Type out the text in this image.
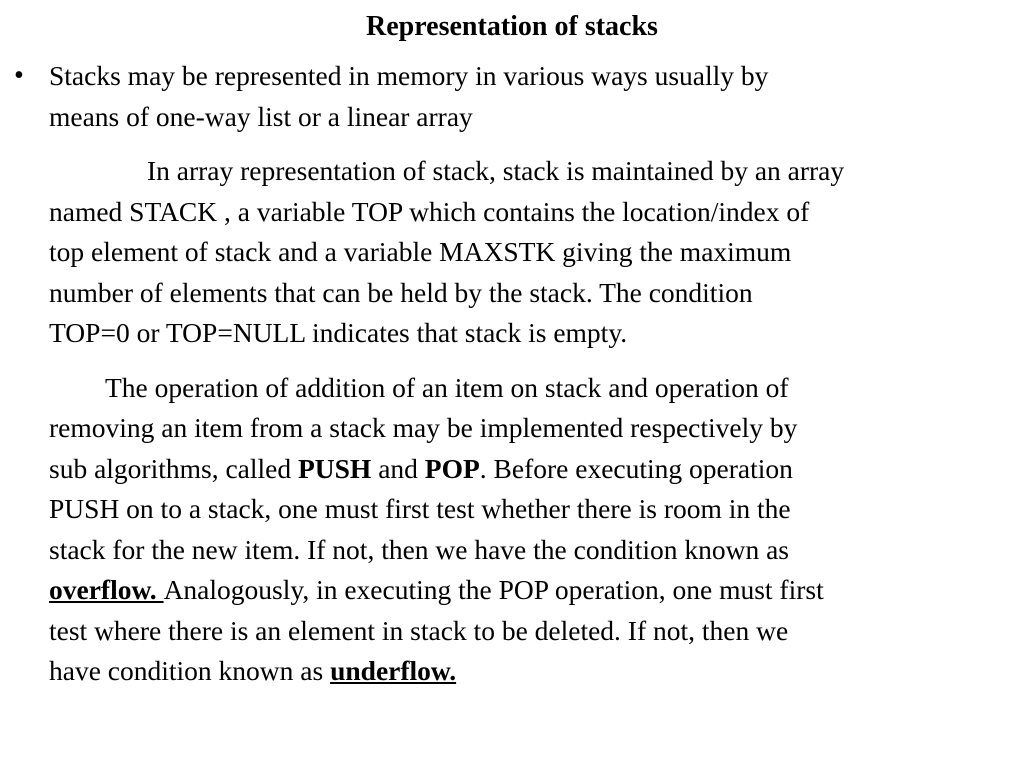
Representation of stacks
• Stacks may be represented in memory in various ways usually by
means of one-way list or a linear array
In array representation of stack, stack is maintained by an array
named STACK , a variable TOP which contains the location/index of
top element of stack and a variable MAXSTK giving the maximum
number of elements that can be held by the stack. The condition
TOP=0 or TOP=NULL indicates that stack is empty.
The operation of addition of an item on stack and operation of
removing an item from a stack may be implemented respectively by
sub algorithms, called PUSH and POP. Before executing operation
PUSH on to a stack, one must first test whether there is room in the
stack for the new item. If not, then we have the condition known as
overflow. Analogously, in executing the POP operation, one must first
test where there is an element in stack to be deleted. If not, then we
have condition known as underflow.
